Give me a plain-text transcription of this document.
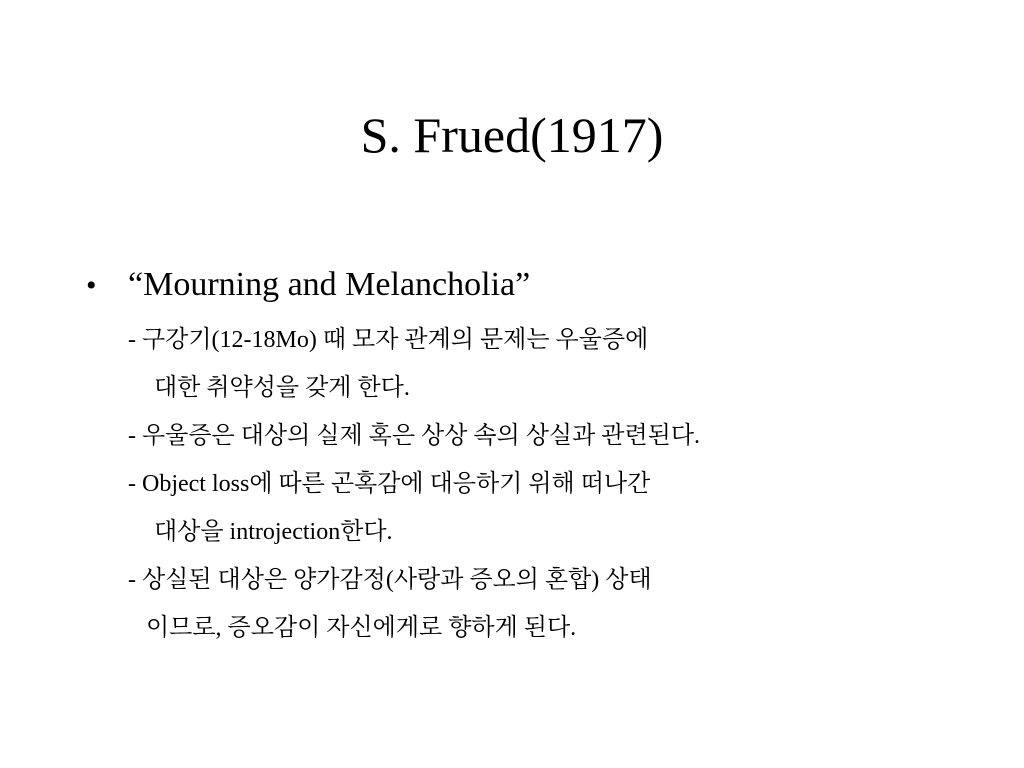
S. Frued(1917)
• “Mourning and Melancholia”
- 구강기(12-18Mo) 때 모자 관계의 문제는 우울증에
대한 취약성을 갖게 한다.
- 우울증은 대상의 실제 혹은 상상 속의 상실과 관련된다.
- Object loss에 따른 곤혹감에 대응하기 위해 떠나간
대상을 introjection한다.
- 상실된 대상은 양가감정(사랑과 증오의 혼합) 상태
이므로, 증오감이 자신에게로 향하게 된다.
